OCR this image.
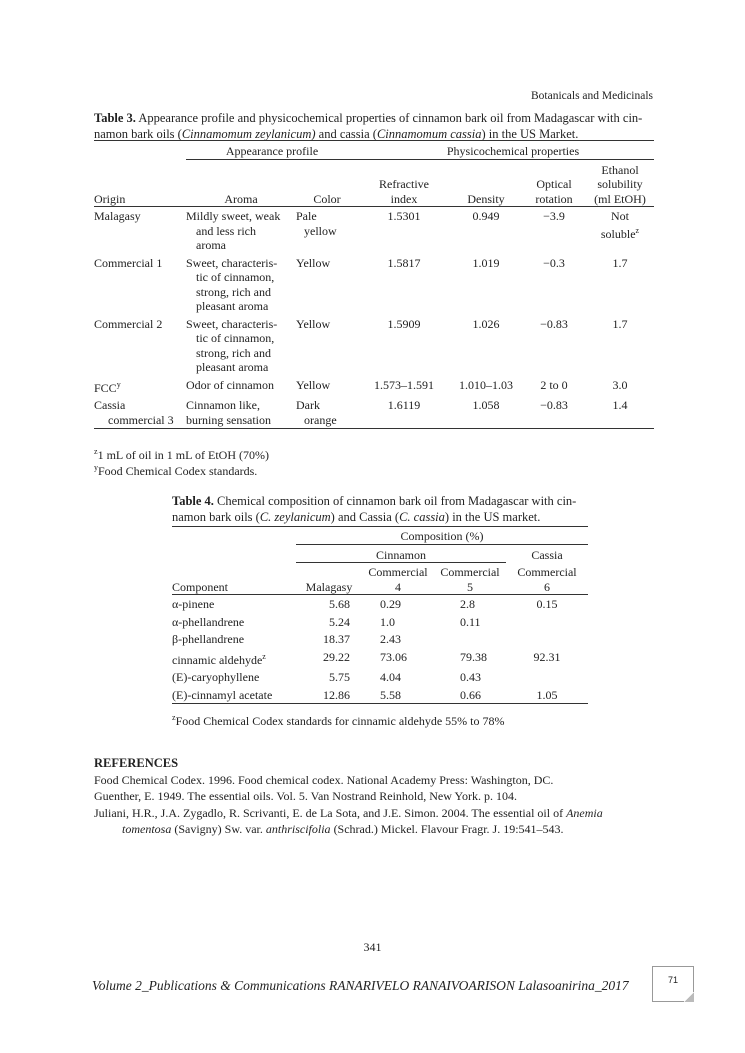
Botanicals and Medicinals
Table 3. Appearance profile and physicochemical properties of cinnamon bark oil from Madagascar with cin-
namon bark oils (Cinnamomum zeylanicum) and cassia (Cinnamomum cassia) in the US Market.
	Appearance profile		Physicochemical properties			
Origin	Aroma	Color	Refractive
index	Density	Optical
rotation	Ethanol
solubility
(ml EtOH)
Malagasy	Mildly sweet, weak
and less rich
aroma	Pale
yellow	1.5301	0.949	−3.9	Not
soluble$^z$
Commercial 1	Sweet, characteris-
tic of cinnamon,
strong, rich and
pleasant aroma	Yellow	1.5817	1.019	−0.3	1.7
Commercial 2	Sweet, characteris-
tic of cinnamon,
strong, rich and
pleasant aroma	Yellow	1.5909	1.026	−0.83	1.7
FCC$^y$	Odor of cinnamon	Yellow	1.573–1.591	1.010–1.03	2 to 0	3.0
Cassia
commercial 3	Cinnamon like,
burning sensation	Dark
orange	1.6119	1.058	−0.83	1.4
$^z$1 mL of oil in 1 mL of EtOH (70%)
$^y$Food Chemical Codex standards.
Table 4. Chemical composition of cinnamon bark oil from Madagascar with cin-
namon bark oils (C. zeylanicum) and Cassia (C. cassia) in the US market.
	Composition (%)			
	Cinnamon			Cassia
Component	Malagasy	Commercial
4	Commercial
5	Commercial
6
α-pinene	5.68	0.29	2.8	0.15
α-phellandrene	5.24	1.0	0.11	
β-phellandrene	18.37	2.43		
cinnamic aldehyde$^z$	29.22	73.06	79.38	92.31
(E)-caryophyllene	5.75	4.04	0.43	
(E)-cinnamyl acetate	12.86	5.58	0.66	1.05
$^z$Food Chemical Codex standards for cinnamic aldehyde 55% to 78%
REFERENCES
Food Chemical Codex. 1996. Food chemical codex. National Academy Press: Washington, DC.
Guenther, E. 1949. The essential oils. Vol. 5. Van Nostrand Reinhold, New York. p. 104.
Juliani, H.R., J.A. Zygadlo, R. Scrivanti, E. de La Sota, and J.E. Simon. 2004. The essential oil of Anemia tomentosa (Savigny) Sw. var. anthriscifolia (Schrad.) Mickel. Flavour Fragr. J. 19:541–543.
341
Volume 2_Publications & Communications RANARIVELO RANAIVOARISON Lalasoanirina_2017	71
